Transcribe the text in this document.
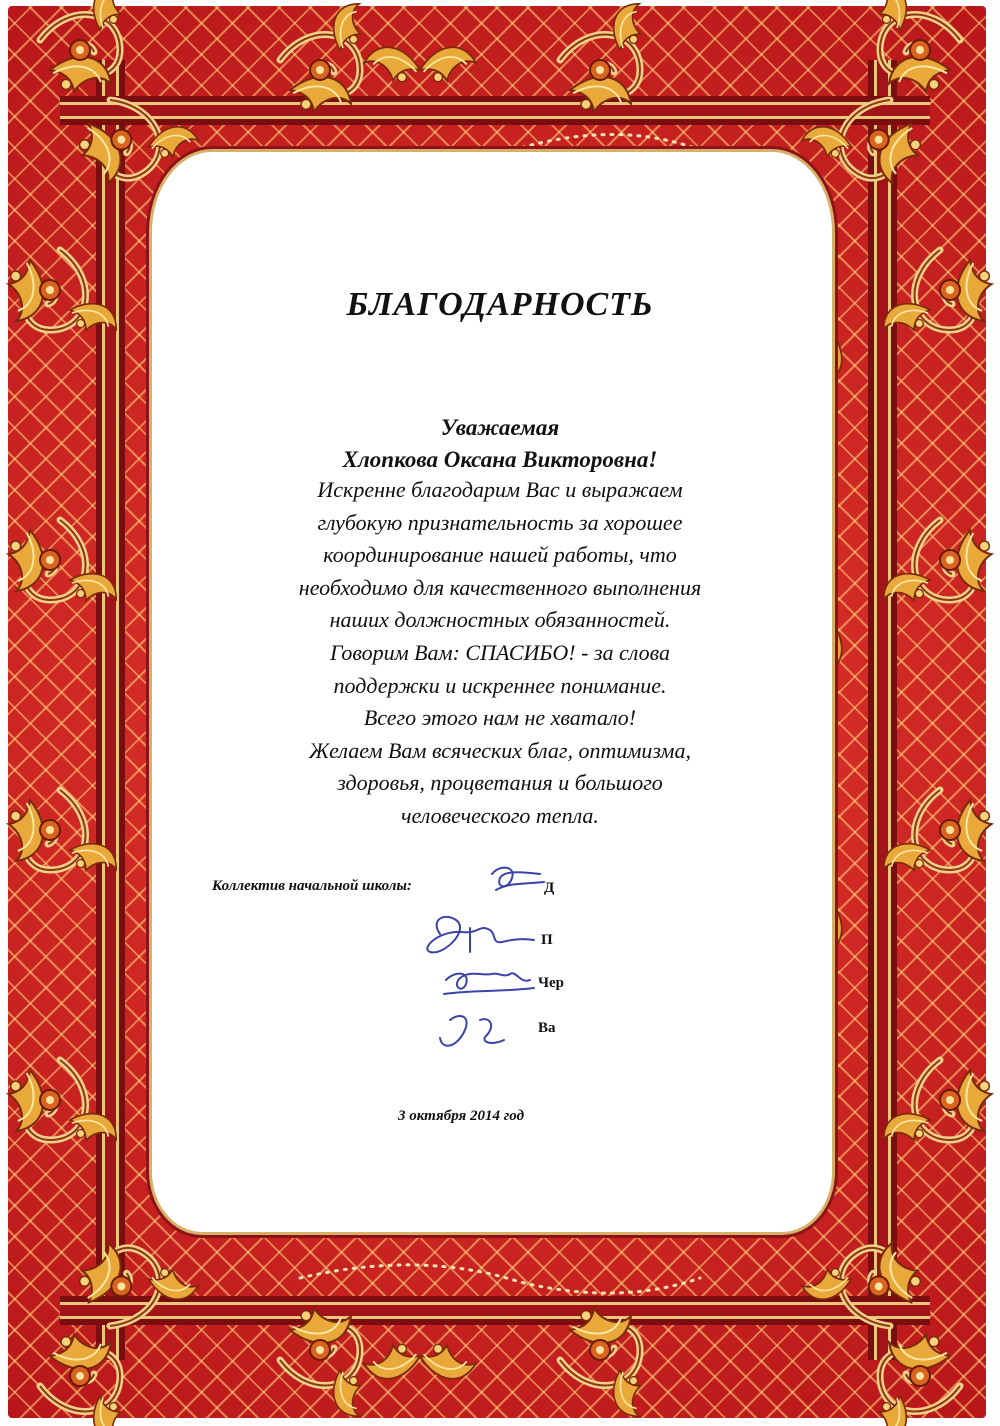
БЛАГОДАРНОСТЬ
Уважаемая
Хлопкова Оксана Викторовна!
Искренне благодарим Вас и выражаем
глубокую признательность за хорошее
координирование нашей работы, что
необходимо для качественного выполнения
наших должностных обязанностей.
Говорим Вам: СПАСИБО! - за слова
поддержки и искреннее понимание.
Всего этого нам не хватало!
Желаем Вам всяческих благ, оптимизма,
здоровья, процветания и большого
человеческого тепла.
Коллектив начальной школы:	Д
П
Чер
Ва
3 октября 2014 год
